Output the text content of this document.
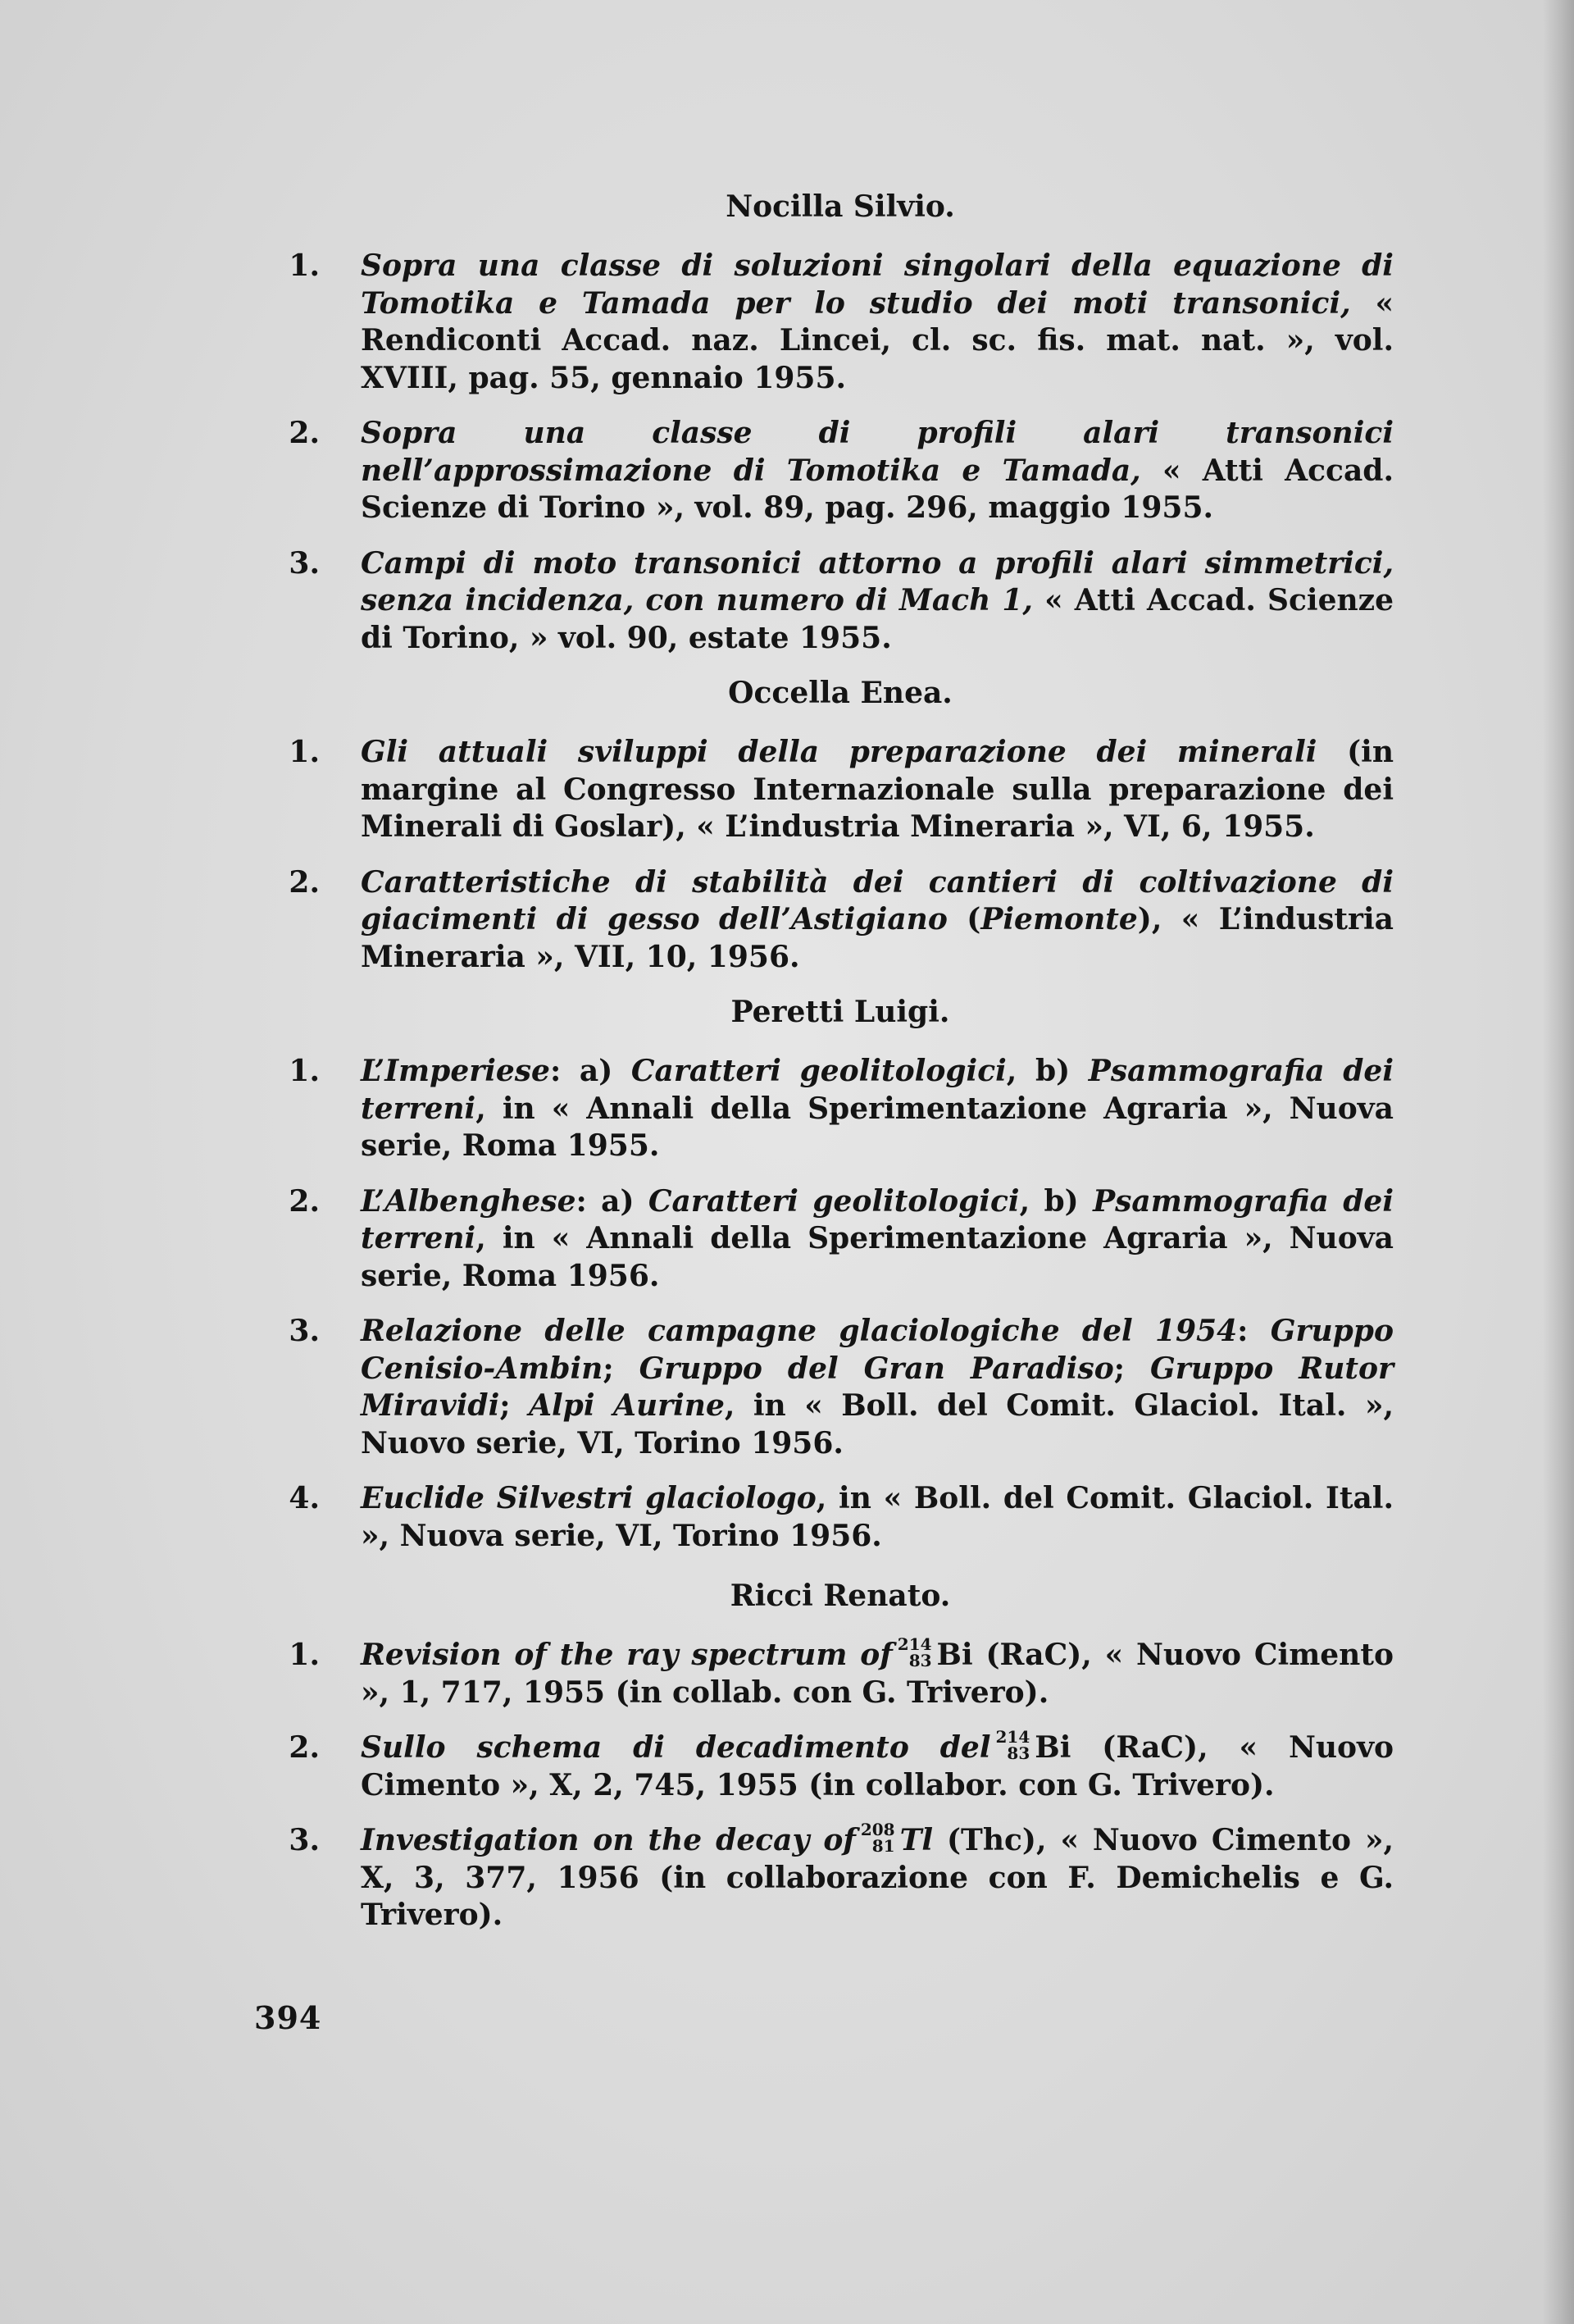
Nocilla Silvio.
1. Sopra una classe di soluzioni singolari della equazione di Tomotika e Tamada per lo studio dei moti transonici, « Rendiconti Accad. naz. Lincei, cl. sc. fis. mat. nat. », vol. XVIII, pag. 55, gennaio 1955.
2. Sopra una classe di profili alari transonici nell’approssimazione di Tomotika e Tamada, « Atti Accad. Scienze di Torino », vol. 89, pag. 296, maggio 1955.
3. Campi di moto transonici attorno a profili alari simmetrici, senza incidenza, con numero di Mach 1, « Atti Accad. Scienze di Torino, » vol. 90, estate 1955.
Occella Enea.
1. Gli attuali sviluppi della preparazione dei minerali (in margine al Congresso Internazionale sulla preparazione dei Minerali di Goslar), « L’industria Mineraria », VI, 6, 1955.
2. Caratteristiche di stabilità dei cantieri di coltivazione di giacimenti di gesso dell’Astigiano (Piemonte), « L’industria Mineraria », VII, 10, 1956.
Peretti Luigi.
1. L’Imperiese: a) Caratteri geolitologici, b) Psammografia dei terreni, in « Annali della Sperimentazione Agraria », Nuova serie, Roma 1955.
2. L’Albenghese: a) Caratteri geolitologici, b) Psammografia dei terreni, in « Annali della Sperimentazione Agraria », Nuova serie, Roma 1956.
3. Relazione delle campagne glaciologiche del 1954: Gruppo Cenisio-Ambin; Gruppo del Gran Paradiso; Gruppo Rutor Miravidi; Alpi Aurine, in « Boll. del Comit. Glaciol. Ital. », Nuovo serie, VI, Torino 1956.
4. Euclide Silvestri glaciologo, in « Boll. del Comit. Glaciol. Ital. », Nuova serie, VI, Torino 1956.
Ricci Renato.
1. Revision of the ray spectrum of 214
83 Bi (RaC), « Nuovo Cimento », 1, 717, 1955 (in collab. con G. Trivero).
2. Sullo schema di decadimento del 214
83 Bi (RaC), « Nuovo Cimento », X, 2, 745, 1955 (in collabor. con G. Trivero).
3. Investigation on the decay of 208
81 Tl (Thc), « Nuovo Cimento », X, 3, 377, 1956 (in collaborazione con F. Demichelis e G. Trivero).
394
